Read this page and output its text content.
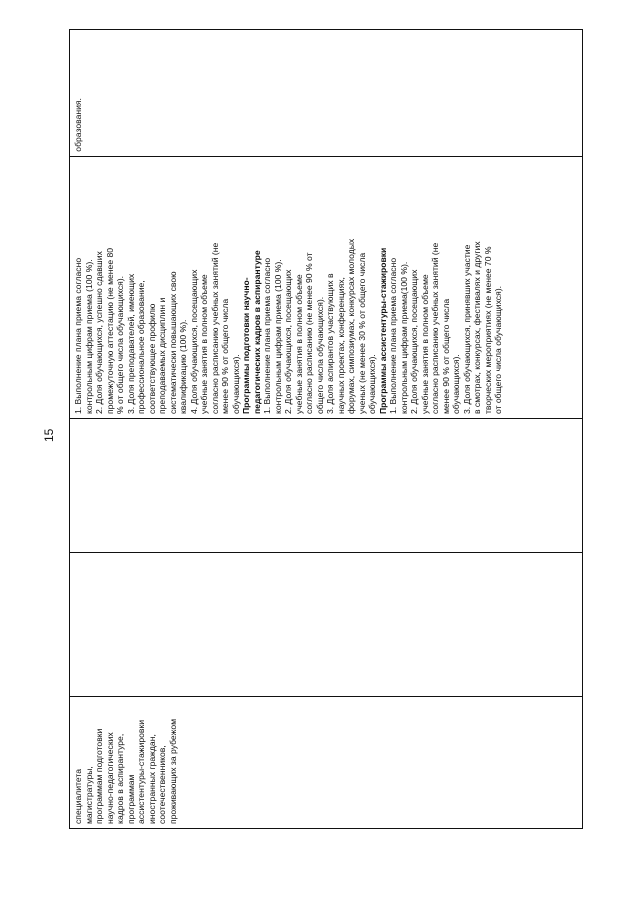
15
специалитета магистратуры, программам подготовки научно-педагогических кадров в аспирантуре, программам ассистентуры-стажировки иностранных граждан, соотечественников, проживающих за рубежом
1. Выполнение плана приема согласно контрольным цифрам приема (100 %). 2. Доля обучающихся, успешно сдавших промежуточную аттестацию (не менее 80 % от общего числа обучающихся). 3. Доля преподавателей, имеющих профессиональное образование, соответствующее профилю преподаваемых дисциплин и систематически повышающих свою квалификацию (100 %). 4. Доля обучающихся, посещающих учебные занятия в полном объеме согласно расписанию учебных занятий (не менее 90 % от общего числа обучающихся). Программы подготовки научно- педагогических кадров в аспирантуре 1. Выполнение плана приема согласно контрольным цифрам приема (100 %). 2. Доля обучающихся, посещающих учебные занятия в полном объеме согласно расписанию (не менее 90 % от общего числа обучающихся). 3. Доля аспирантов участвующих в научных проектах, конференциях, форумах, симпозиумах, конкурсах молодых ученых (не менее 30 % от общего числа обучающихся). Программы ассистентуры-стажировки 1. Выполнение плана приема согласно контрольным цифрам приема(100 %). 2. Доля обучающихся, посещающих учебные занятия в полном объеме согласно расписанию учебных занятий (не менее 90 % от общего числа обучающихся). 3. Доля обучающихся, принявших участие в смотрах, конкурсах, фестивалях и других творческих мероприятиях (не менее 70 % от общего числа обучающихся).
образования.
